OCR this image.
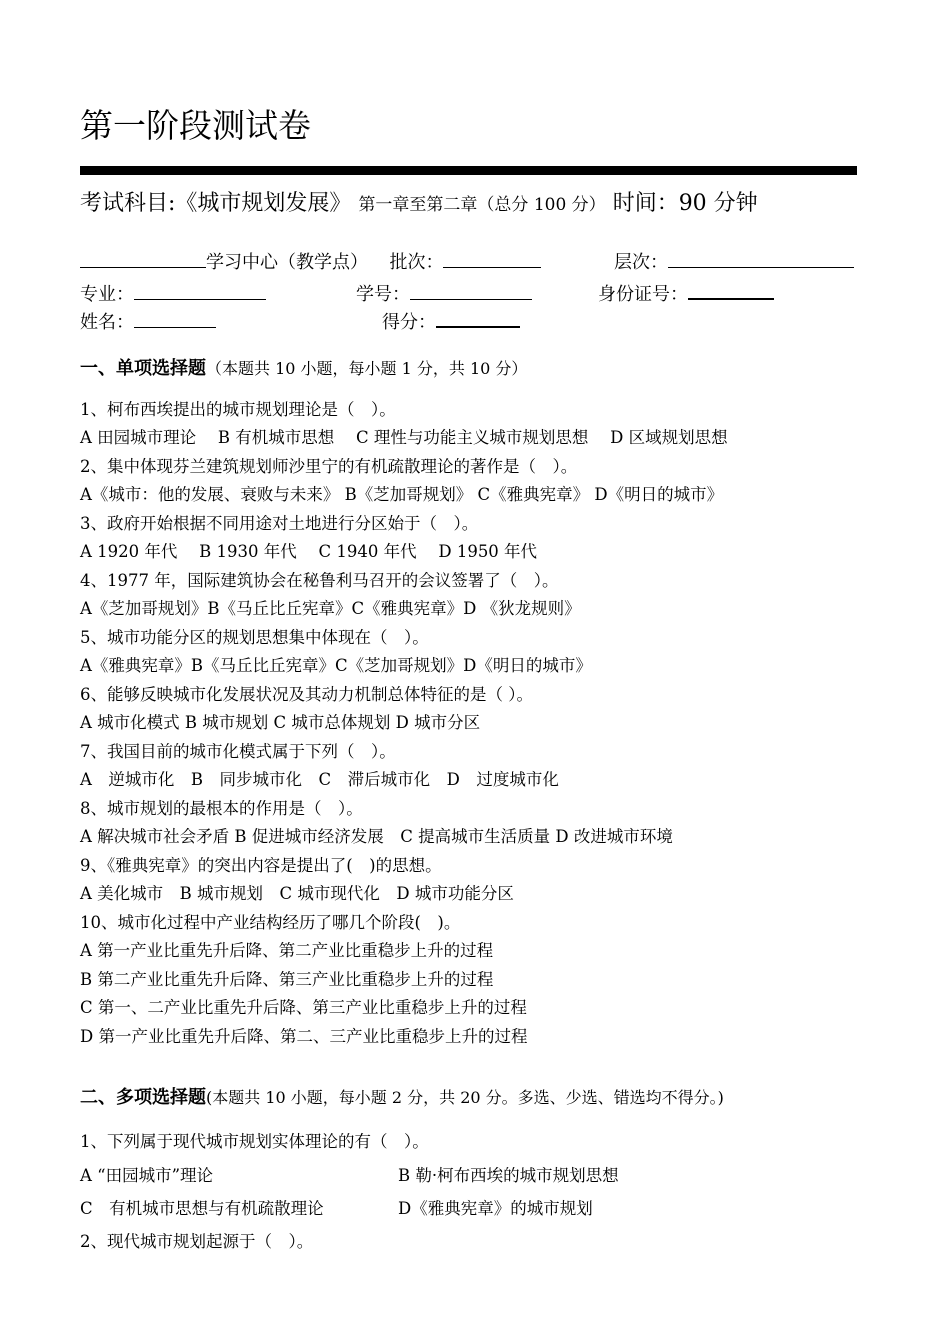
第一阶段测试卷
考试科目:《城市规划发展》 第一章至第二章（总分 100 分） 时间：90 分钟
学习中心（教学点） 批次：	层次：
专业：	学号：	身份证号：
姓名：	得分：
一、单项选择题（本题共 10 小题，每小题 1 分，共 10 分）
1、柯布西埃提出的城市规划理论是（　）。
A 田园城市理论　 B 有机城市思想　 C 理性与功能主义城市规划思想　 D 区域规划思想
2、集中体现芬兰建筑规划师沙里宁的有机疏散理论的著作是（　）。
A《城市：他的发展、衰败与未来》 B《芝加哥规划》 C《雅典宪章》 D《明日的城市》
3、政府开始根据不同用途对土地进行分区始于（　）。
A 1920 年代　 B 1930 年代　 C 1940 年代　 D 1950 年代
4、1977 年，国际建筑协会在秘鲁利马召开的会议签署了（　）。
A《芝加哥规划》B《马丘比丘宪章》C《雅典宪章》D 《狄龙规则》
5、城市功能分区的规划思想集中体现在（　）。
A《雅典宪章》B《马丘比丘宪章》C《芝加哥规划》D《明日的城市》
6、能够反映城市化发展状况及其动力机制总体特征的是（ ）。
A 城市化模式 B 城市规划 C 城市总体规划 D 城市分区
7、我国目前的城市化模式属于下列（　）。
A　逆城市化　B　同步城市化　C　滞后城市化　D　过度城市化
8、城市规划的最根本的作用是（　）。
A 解决城市社会矛盾 B 促进城市经济发展　C 提高城市生活质量 D 改进城市环境
9、《雅典宪章》的突出内容是提出了(　)的思想。
A 美化城市　B 城市规划　C 城市现代化　D 城市功能分区
10、城市化过程中产业结构经历了哪几个阶段(　)。
A 第一产业比重先升后降、第二产业比重稳步上升的过程
B 第二产业比重先升后降、第三产业比重稳步上升的过程
C 第一、二产业比重先升后降、第三产业比重稳步上升的过程
D 第一产业比重先升后降、第二、三产业比重稳步上升的过程
二、多项选择题(本题共 10 小题，每小题 2 分，共 20 分。多选、少选、错选均不得分。)
1、下列属于现代城市规划实体理论的有（　）。
A “田园城市”理论	B 勒·柯布西埃的城市规划思想
C　有机城市思想与有机疏散理论	D《雅典宪章》的城市规划
2、现代城市规划起源于（　）。
